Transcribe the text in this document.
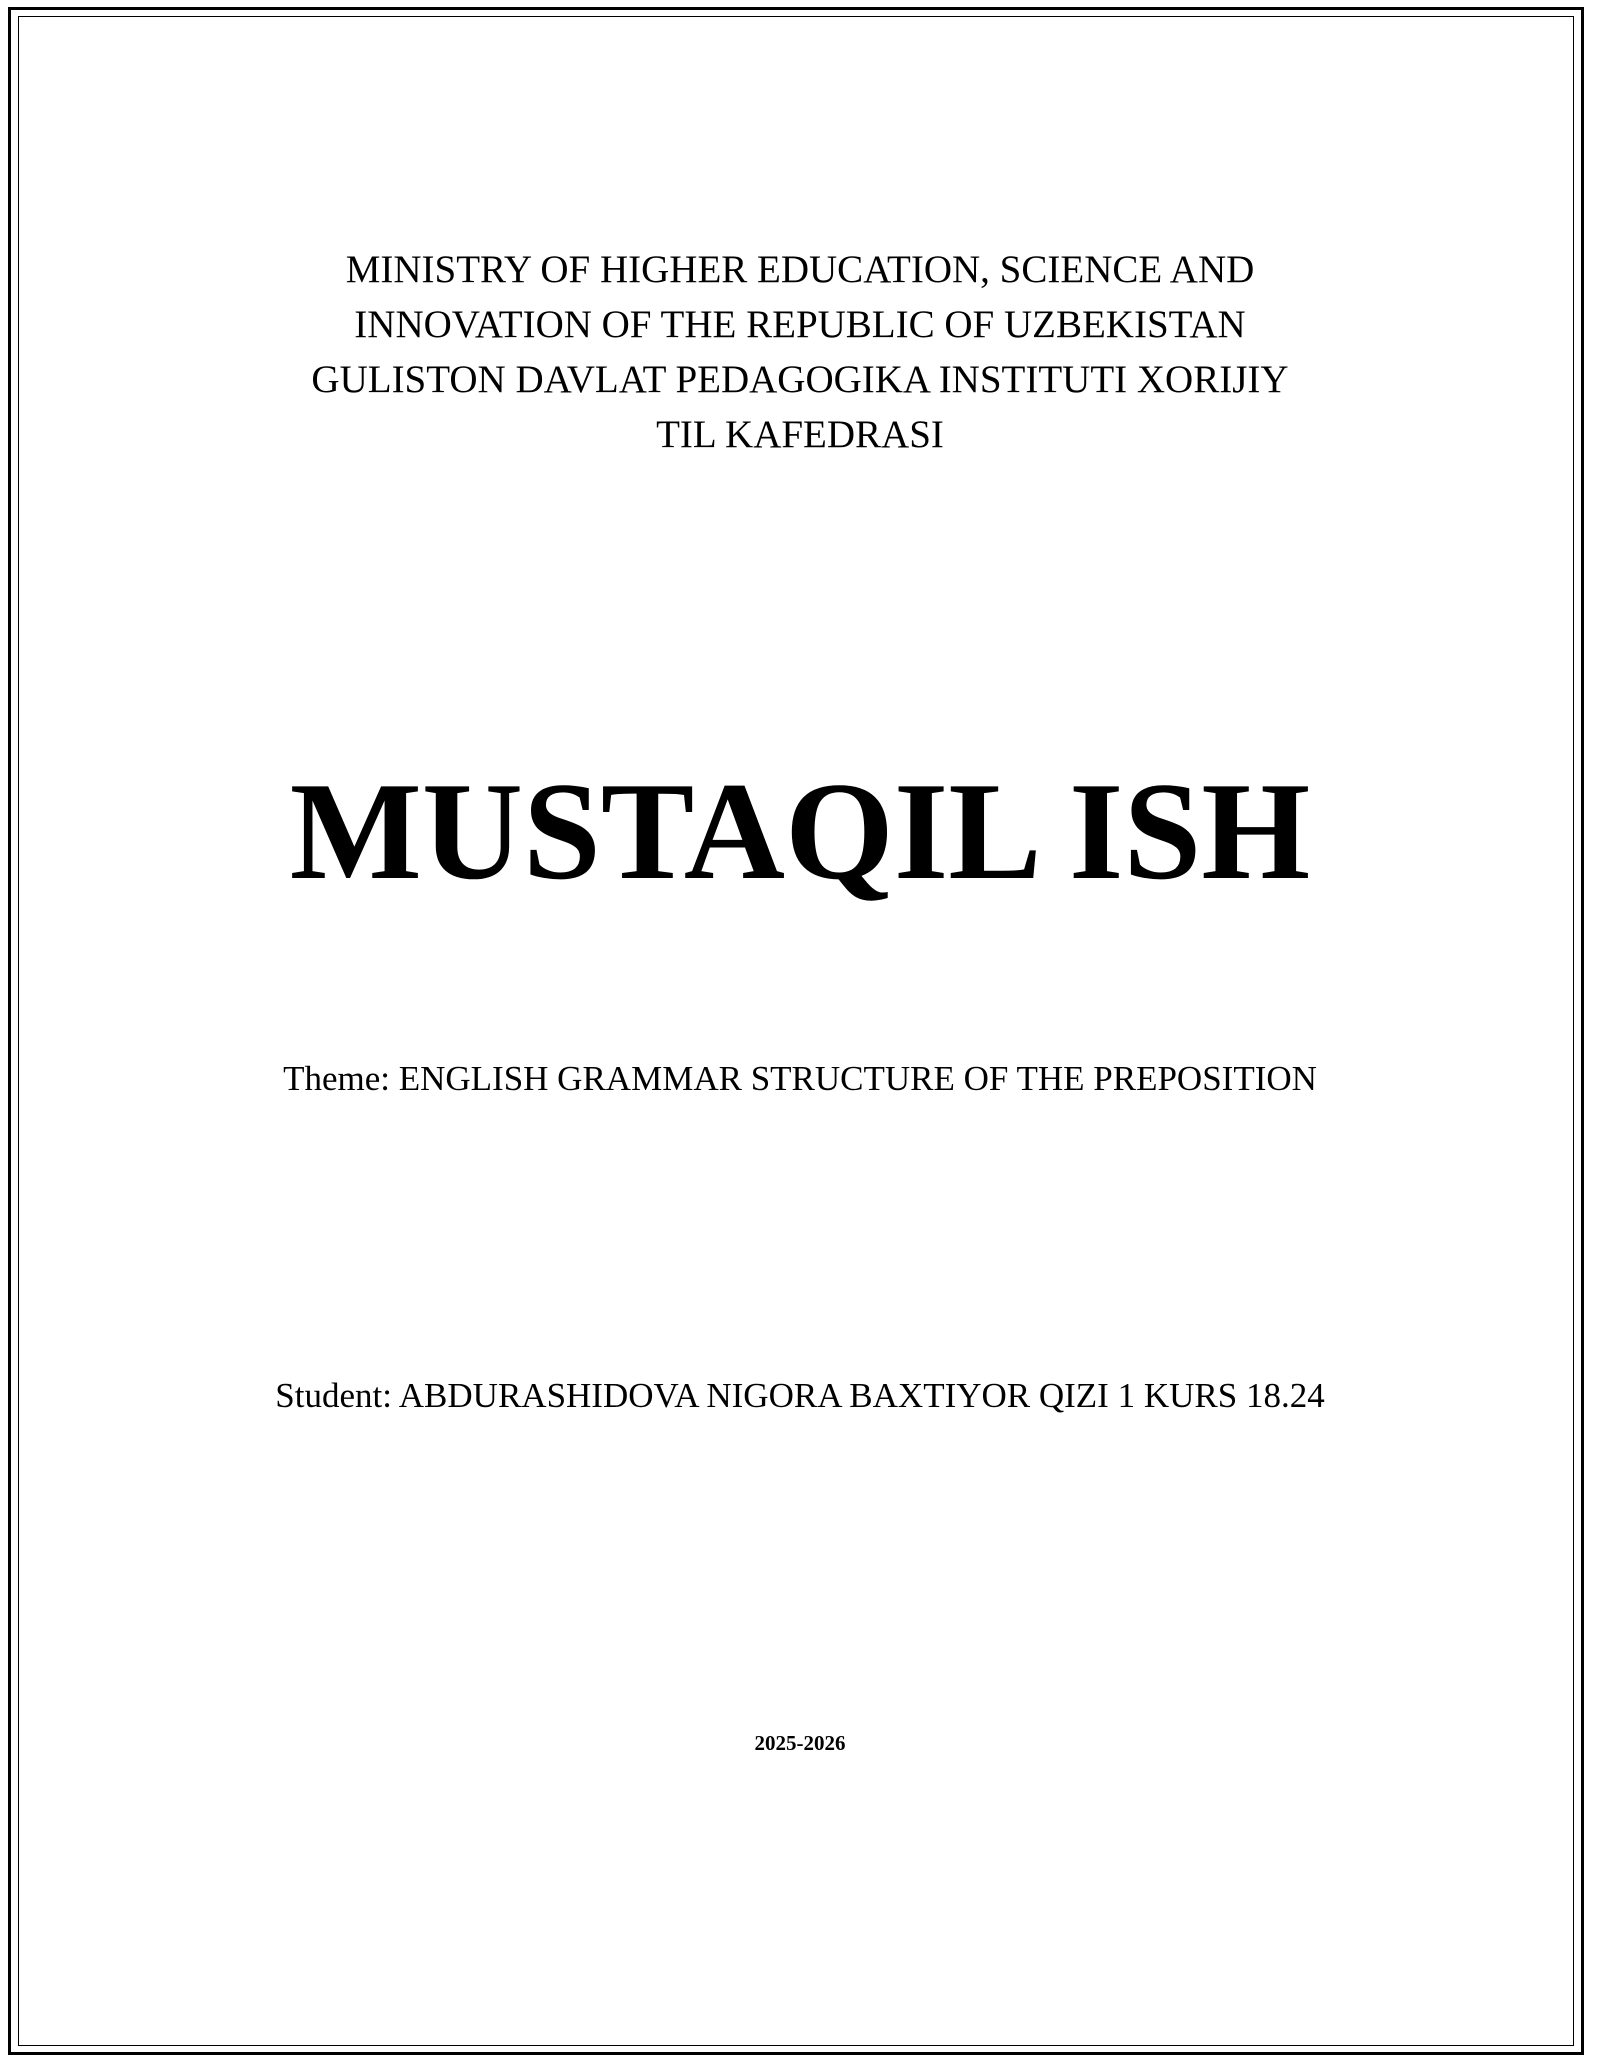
MINISTRY OF HIGHER EDUCATION, SCIENCE AND
INNOVATION OF THE REPUBLIC OF UZBEKISTAN
GULISTON DAVLAT PEDAGOGIKA INSTITUTI XORIJIY
TIL KAFEDRASI
MUSTAQIL ISH
Theme: ENGLISH GRAMMAR STRUCTURE OF THE PREPOSITION
Student: ABDURASHIDOVA NIGORA BAXTIYOR QIZI 1 KURS 18.24
2025-2026
